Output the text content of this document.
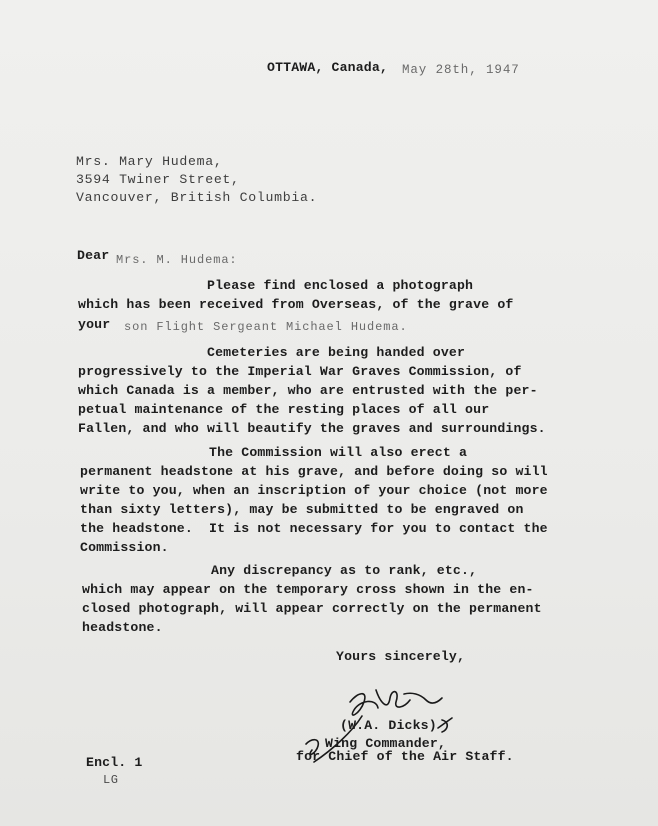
OTTAWA, Canada, May 28th, 1947
Mrs. Mary Hudema,
3594 Twiner Street,
Vancouver, British Columbia.
Dear Mrs. M. Hudema:
Please find enclosed a photograph
which has been received from Overseas, of the grave of
your son Flight Sergeant Michael Hudema.
Cemeteries are being handed over
progressively to the Imperial War Graves Commission, of
which Canada is a member, who are entrusted with the per-
petual maintenance of the resting places of all our
Fallen, and who will beautify the graves and surroundings.
The Commission will also erect a
permanent headstone at his grave, and before doing so will
write to you, when an inscription of your choice (not more
than sixty letters), may be submitted to be engraved on
the headstone.  It is not necessary for you to contact the
Commission.
Any discrepancy as to rank, etc.,
which may appear on the temporary cross shown in the en-
closed photograph, will appear correctly on the permanent
headstone.
Yours sincerely,
(W.A. Dicks)
Wing Commander,
for Chief of the Air Staff.
Encl. 1
LG
